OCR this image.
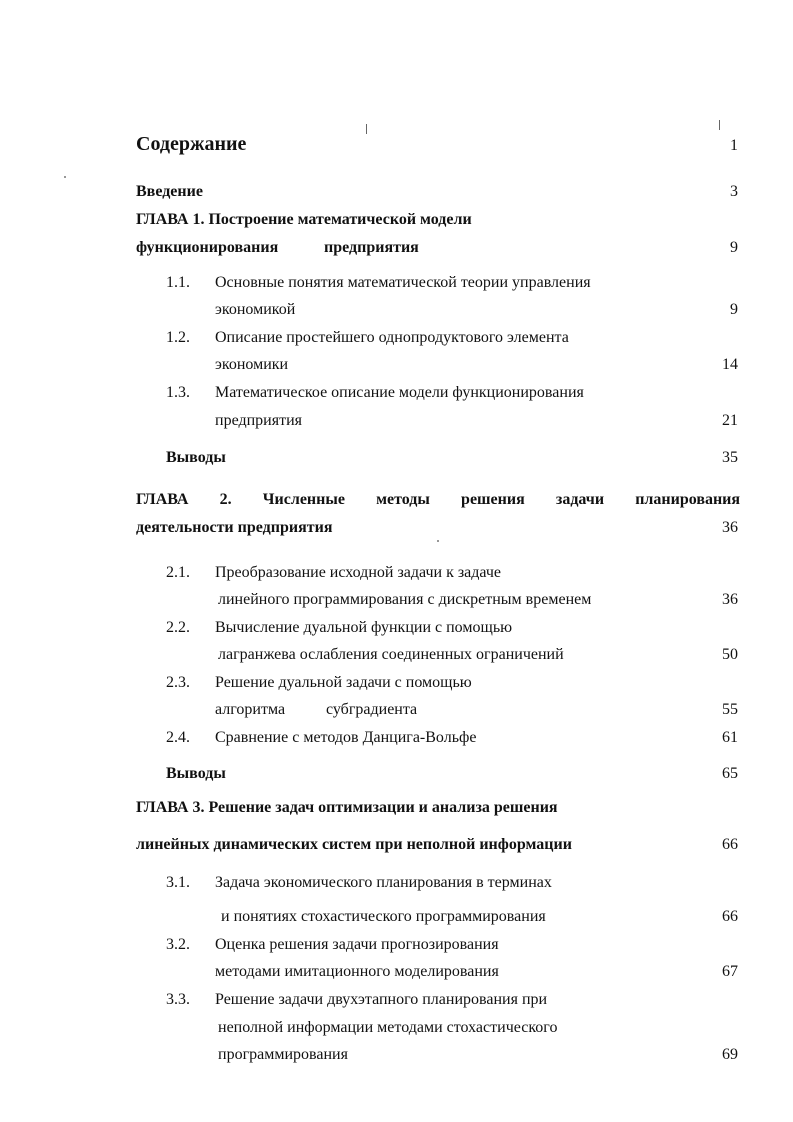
Содержание	1
Введение	3
ГЛАВА 1. Построение математической модели
функционирования	предприятия	9
1.1. Основные понятия математической теории управления
экономикой	9
1.2. Описание простейшего однопродуктового элемента
экономики	14
1.3. Математическое описание модели функционирования
предприятия	21
Выводы	35
ГЛАВА 2. Численные методы решения задачи планирования
деятельности предприятия	36
2.1. Преобразование исходной задачи к задаче
линейного программирования с дискретным временем	36
2.2. Вычисление дуальной функции с помощью
лагранжева ослабления соединенных ограничений	50
2.3. Решение дуальной задачи с помощью
алгоритма	субградиента	55
2.4. Сравнение с методов Данцига-Вольфе	61
Выводы	65
ГЛАВА 3. Решение задач оптимизации и анализа решения
линейных динамических систем при неполной информации	66
3.1. Задача экономического планирования в терминах
и понятиях стохастического программирования	66
3.2. Оценка решения задачи прогнозирования
методами имитационного моделирования	67
3.3. Решение задачи двухэтапного планирования при
неполной информации методами стохастического
программирования	69
